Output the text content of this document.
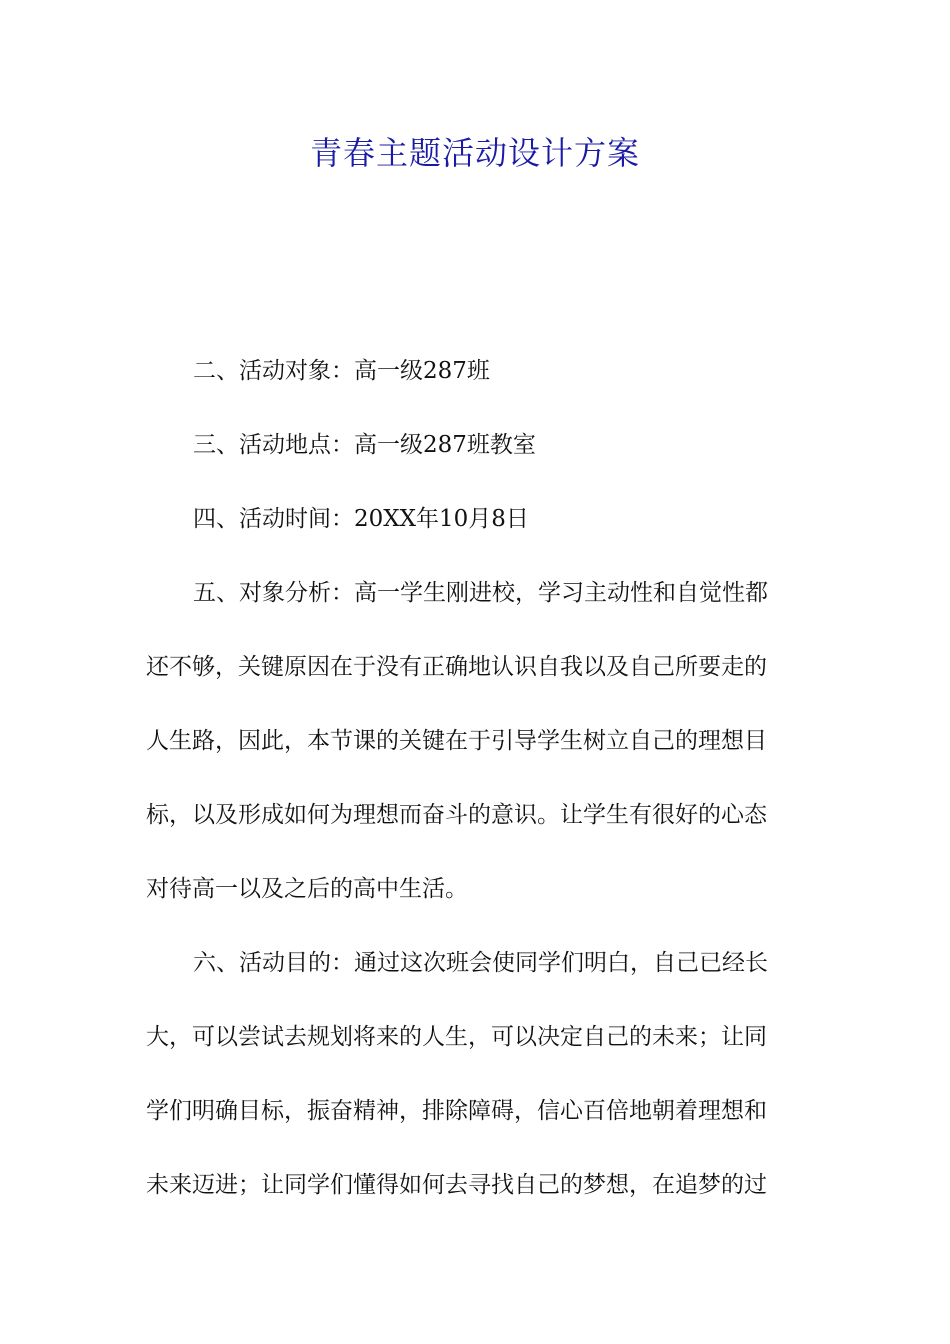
青春主题活动设计方案
二、活动对象：高一级287班
三、活动地点：高一级287班教室
四、活动时间：20XX年10月8日
五、对象分析：高一学生刚进校，学习主动性和自觉性都
还不够，关键原因在于没有正确地认识自我以及自己所要走的
人生路，因此，本节课的关键在于引导学生树立自己的理想目
标，以及形成如何为理想而奋斗的意识。让学生有很好的心态
对待高一以及之后的高中生活。
六、活动目的：通过这次班会使同学们明白，自己已经长
大，可以尝试去规划将来的人生，可以决定自己的未来；让同
学们明确目标，振奋精神，排除障碍，信心百倍地朝着理想和
未来迈进；让同学们懂得如何去寻找自己的梦想，在追梦的过
